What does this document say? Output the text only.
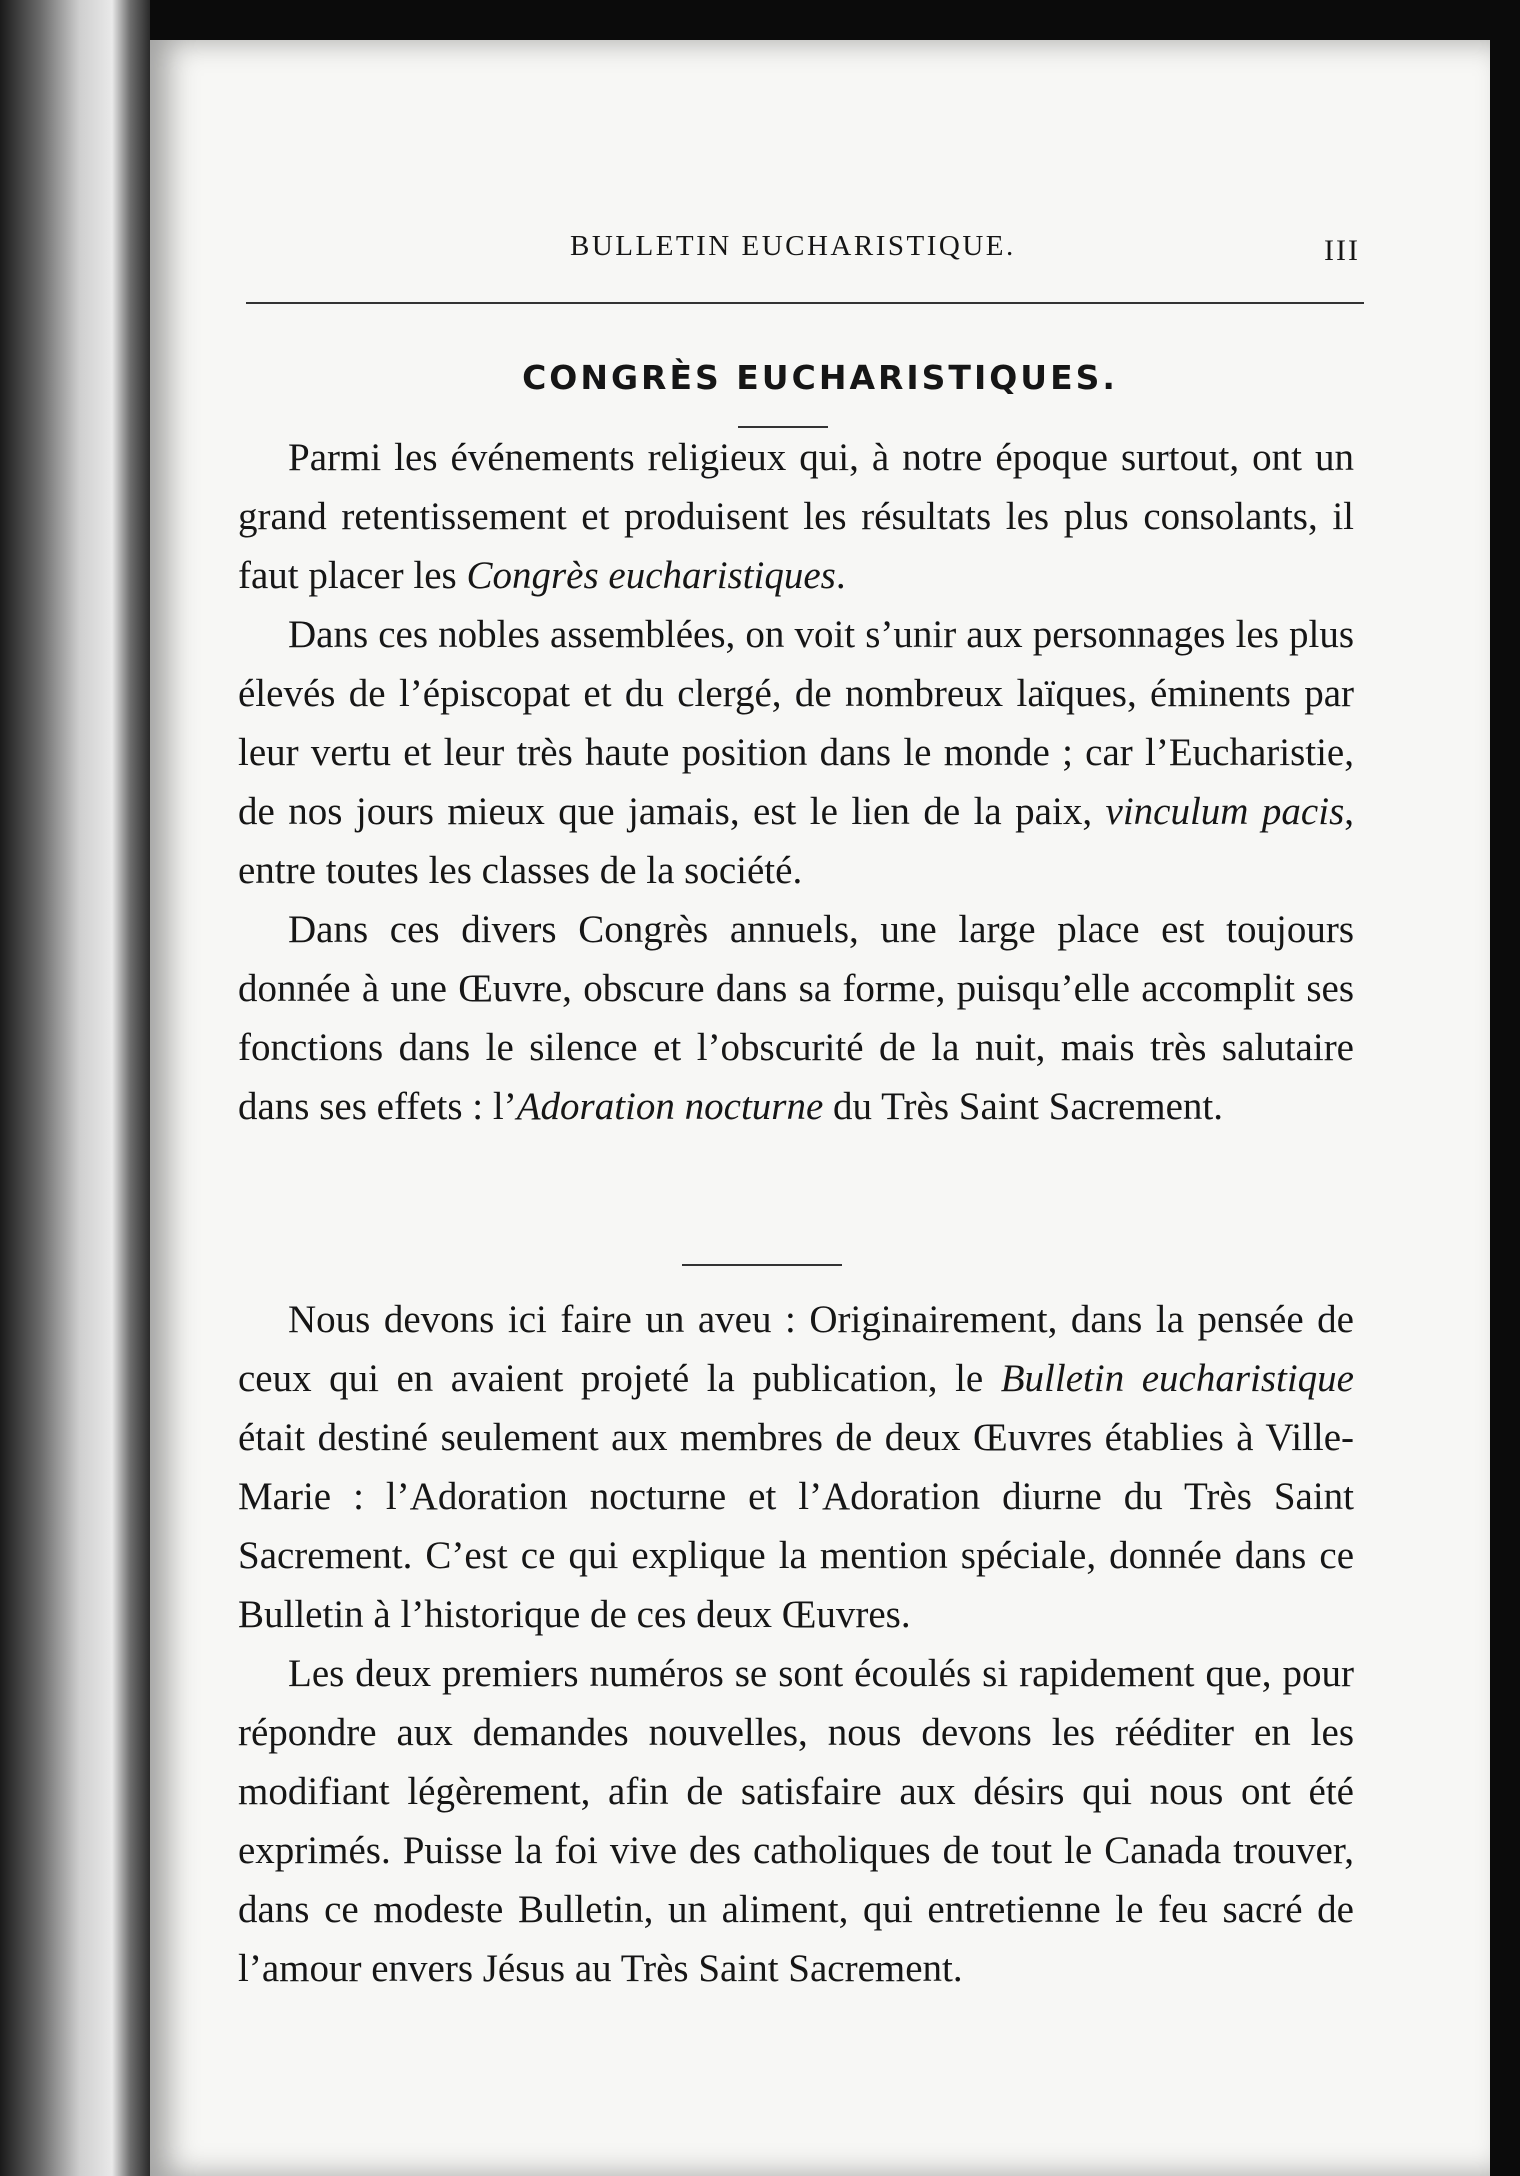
BULLETIN EUCHARISTIQUE.	III
CONGRÈS EUCHARISTIQUES.

Parmi les événements religieux qui, à notre époque surtout, ont un grand retentissement et produisent les résultats les plus consolants, il faut placer les Congrès eucharistiques.

Dans ces nobles assemblées, on voit s’unir aux personnages les plus élevés de l’épiscopat et du clergé, de nombreux laïques, éminents par leur vertu et leur très haute position dans le monde ; car l’Eucharistie, de nos jours mieux que jamais, est le lien de la paix, vinculum pacis, entre toutes les classes de la société.

Dans ces divers Congrès annuels, une large place est toujours donnée à une Œuvre, obscure dans sa forme, puisqu’elle accomplit ses fonctions dans le silence et l’obscurité de la nuit, mais très salutaire dans ses effets : l’Adoration nocturne du Très Saint Sacrement.

Nous devons ici faire un aveu : Originairement, dans la pensée de ceux qui en avaient projeté la publication, le Bulletin eucharistique était destiné seulement aux membres de deux Œuvres établies à Ville-Marie : l’Adoration nocturne et l’Adoration diurne du Très Saint Sacrement. C’est ce qui explique la mention spéciale, donnée dans ce Bulletin à l’historique de ces deux Œuvres.

Les deux premiers numéros se sont écoulés si rapidement que, pour répondre aux demandes nouvelles, nous devons les rééditer en les modifiant légèrement, afin de satisfaire aux désirs qui nous ont été exprimés. Puisse la foi vive des catholiques de tout le Canada trouver, dans ce modeste Bulletin, un aliment, qui entretienne le feu sacré de l’amour envers Jésus au Très Saint Sacrement.
